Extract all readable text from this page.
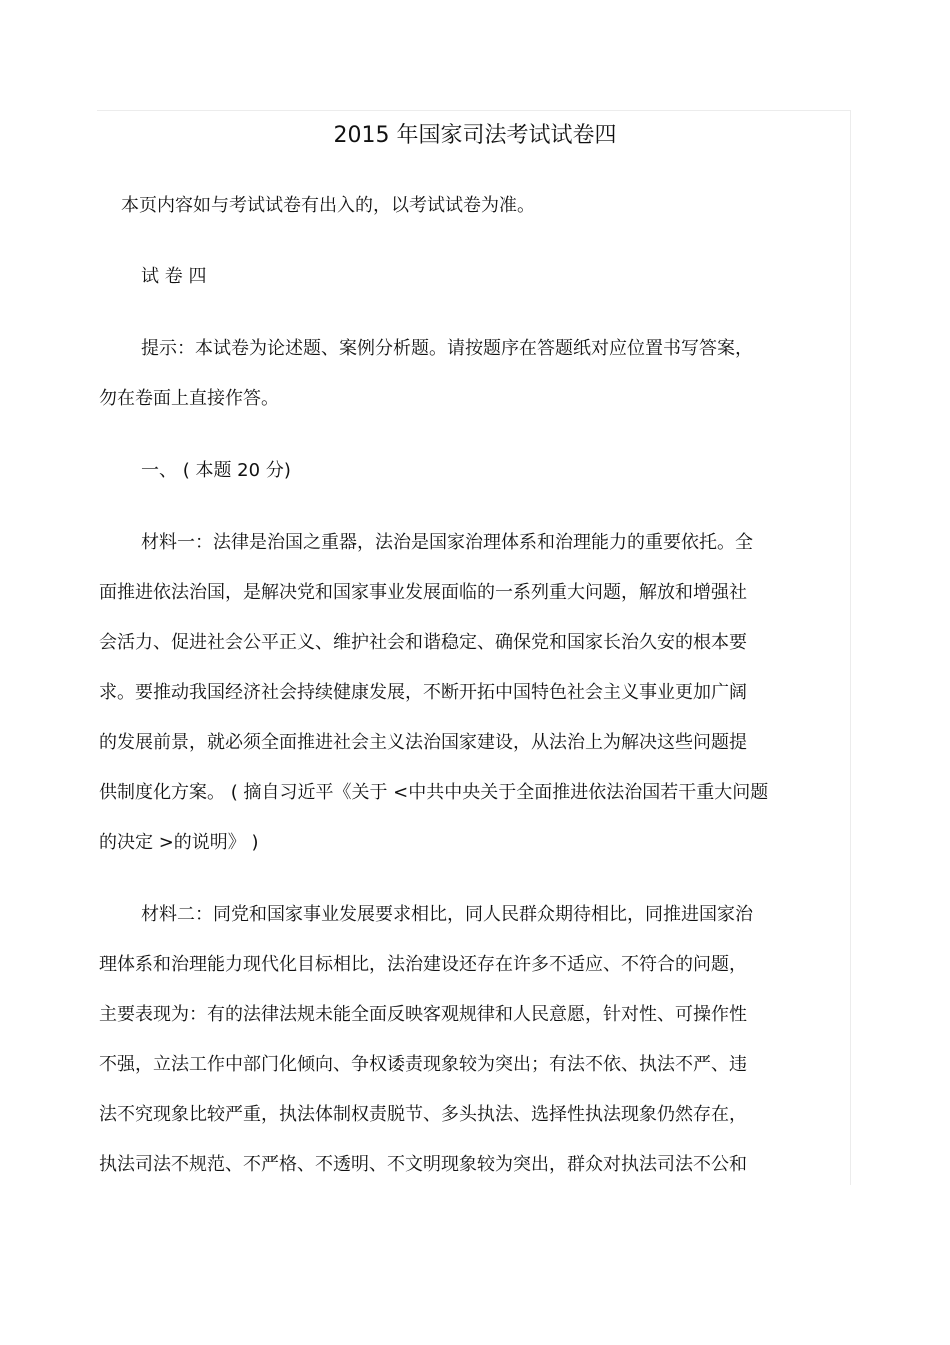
2015 年国家司法考试试卷四

本页内容如与考试试卷有出入的，以考试试卷为准。

试 卷 四

提示：本试卷为论述题、案例分析题。请按题序在答题纸对应位置书写答案，

勿在卷面上直接作答。

一、 ( 本题 20 分)

材料一：法律是治国之重器，法治是国家治理体系和治理能力的重要依托。全

面推进依法治国，是解决党和国家事业发展面临的一系列重大问题，解放和增强社

会活力、促进社会公平正义、维护社会和谐稳定、确保党和国家长治久安的根本要

求。要推动我国经济社会持续健康发展，不断开拓中国特色社会主义事业更加广阔

的发展前景，就必须全面推进社会主义法治国家建设，从法治上为解决这些问题提

供制度化方案。 ( 摘自习近平《关于 <中共中央关于全面推进依法治国若干重大问题

的决定 >的说明》 )

材料二：同党和国家事业发展要求相比，同人民群众期待相比，同推进国家治

理体系和治理能力现代化目标相比，法治建设还存在许多不适应、不符合的问题，

主要表现为：有的法律法规未能全面反映客观规律和人民意愿，针对性、可操作性

不强，立法工作中部门化倾向、争权诿责现象较为突出；有法不依、执法不严、违

法不究现象比较严重，执法体制权责脱节、多头执法、选择性执法现象仍然存在，

执法司法不规范、不严格、不透明、不文明现象较为突出，群众对执法司法不公和
